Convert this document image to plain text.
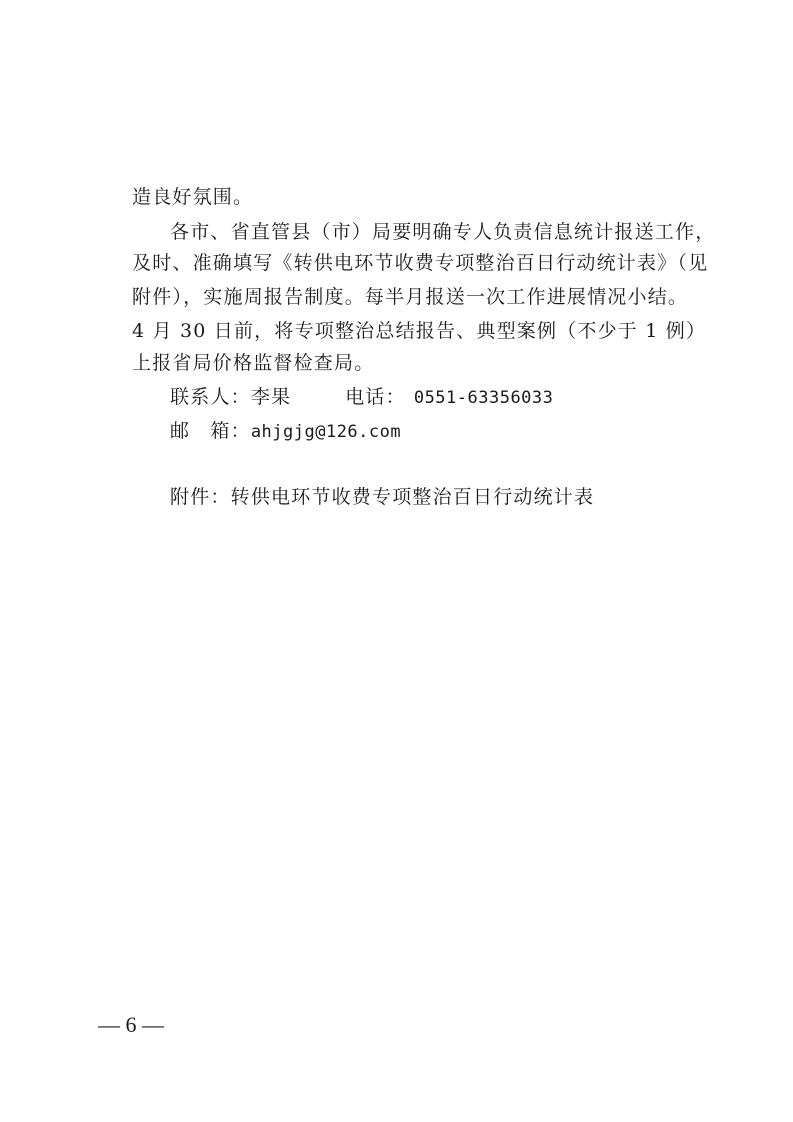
造良好氛围。
各市、省直管县（市）局要明确专人负责信息统计报送工作，
及时、准确填写《转供电环节收费专项整治百日行动统计表》（见
附件），实施周报告制度。每半月报送一次工作进展情况小结。
4 月 30 日前，将专项整治总结报告、典型案例（不少于 1 例）
上报省局价格监督检查局。
联系人：李果	电话： 0551-63356033
邮　箱：ahjgjg@126.com
附件：转供电环节收费专项整治百日行动统计表
— 6 —
